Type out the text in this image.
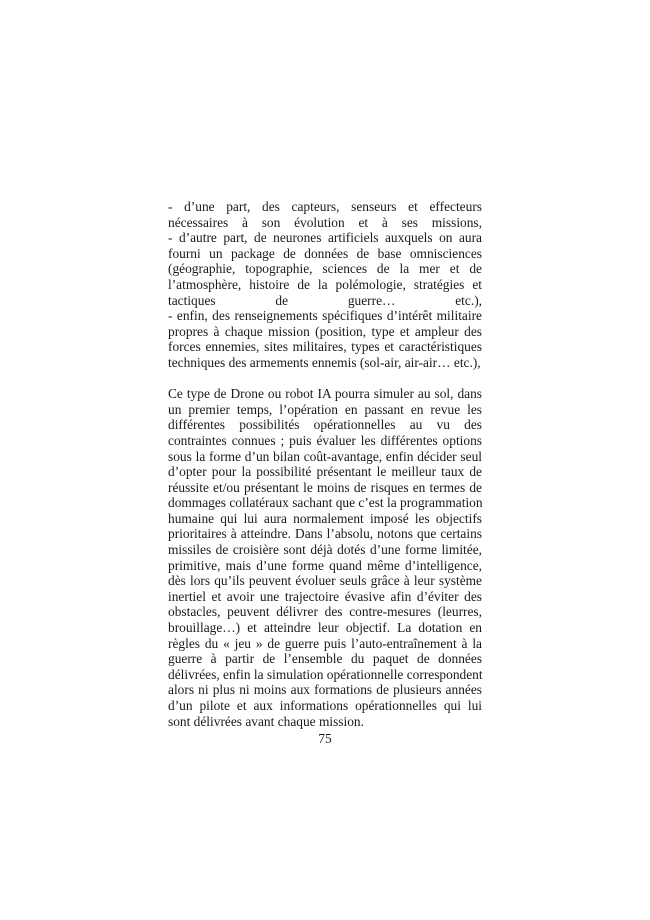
- d’une part, des capteurs, senseurs et effecteurs
nécessaires à son évolution et à ses missions,
- d’autre part, de neurones artificiels auxquels on aura
fourni un package de données de base omnisciences
(géographie, topographie, sciences de la mer et de
l’atmosphère, histoire de la polémologie, stratégies et
tactiques de guerre… etc.),
- enfin, des renseignements spécifiques d’intérêt militaire
propres à chaque mission (position, type et ampleur des
forces ennemies, sites militaires, types et caractéristiques
techniques des armements ennemis (sol-air, air-air… etc.),
Ce type de Drone ou robot IA pourra simuler au sol, dans
un premier temps, l’opération en passant en revue les
différentes possibilités opérationnelles au vu des
contraintes connues ; puis évaluer les différentes options
sous la forme d’un bilan coût-avantage, enfin décider seul
d’opter pour la possibilité présentant le meilleur taux de
réussite et/ou présentant le moins de risques en termes de
dommages collatéraux sachant que c’est la programmation
humaine qui lui aura normalement imposé les objectifs
prioritaires à atteindre. Dans l’absolu, notons que certains
missiles de croisière sont déjà dotés d’une forme limitée,
primitive, mais d’une forme quand même d’intelligence,
dès lors qu’ils peuvent évoluer seuls grâce à leur système
inertiel et avoir une trajectoire évasive afin d’éviter des
obstacles, peuvent délivrer des contre-mesures (leurres,
brouillage…) et atteindre leur objectif. La dotation en
règles du « jeu » de guerre puis l’auto-entraînement à la
guerre à partir de l’ensemble du paquet de données
délivrées, enfin la simulation opérationnelle correspondent
alors ni plus ni moins aux formations de plusieurs années
d’un pilote et aux informations opérationnelles qui lui
sont délivrées avant chaque mission.
75
